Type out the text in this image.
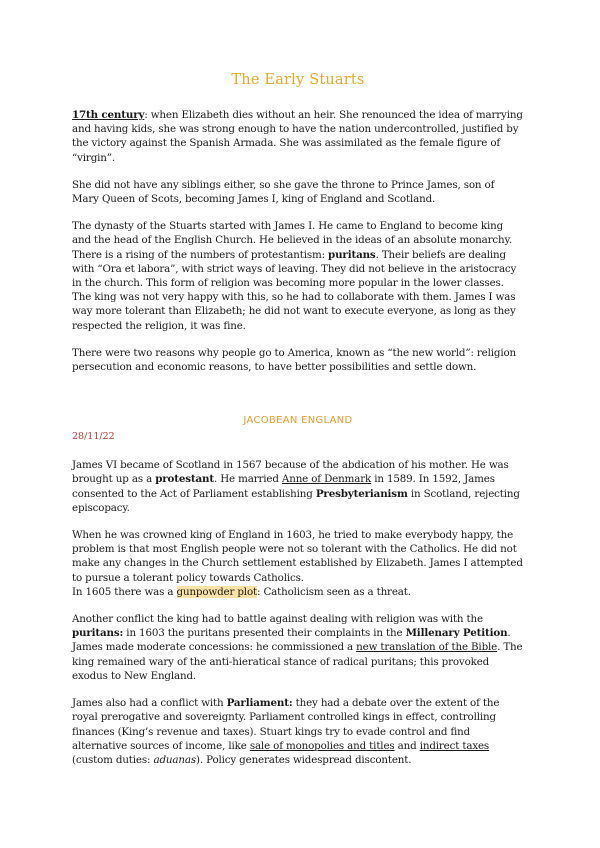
The Early Stuarts

17th century: when Elizabeth dies without an heir. She renounced the idea of marrying and having kids, she was strong enough to have the nation undercontrolled, justified by the victory against the Spanish Armada. She was assimilated as the female figure of “virgin”.

She did not have any siblings either, so she gave the throne to Prince James, son of Mary Queen of Scots, becoming James I, king of England and Scotland.

The dynasty of the Stuarts started with James I. He came to England to become king and the head of the English Church. He believed in the ideas of an absolute monarchy. There is a rising of the numbers of protestantism: puritans. Their beliefs are dealing with “Ora et labora”, with strict ways of leaving. They did not believe in the aristocracy in the church. This form of religion was becoming more popular in the lower classes. The king was not very happy with this, so he had to collaborate with them. James I was way more tolerant than Elizabeth; he did not want to execute everyone, as long as they respected the religion, it was fine.

There were two reasons why people go to America, known as “the new world”: religion persecution and economic reasons, to have better possibilities and settle down.

JACOBEAN ENGLAND
28/11/22

James VI became of Scotland in 1567 because of the abdication of his mother. He was brought up as a protestant. He married Anne of Denmark in 1589. In 1592, James consented to the Act of Parliament establishing Presbyterianism in Scotland, rejecting episcopacy.

When he was crowned king of England in 1603, he tried to make everybody happy, the problem is that most English people were not so tolerant with the Catholics. He did not make any changes in the Church settlement established by Elizabeth. James I attempted to pursue a tolerant policy towards Catholics.
In 1605 there was a gunpowder plot: Catholicism seen as a threat.

Another conflict the king had to battle against dealing with religion was with the puritans: in 1603 the puritans presented their complaints in the Millenary Petition.
James made moderate concessions: he commissioned a new translation of the Bible. The king remained wary of the anti-hieratical stance of radical puritans; this provoked exodus to New England.

James also had a conflict with Parliament: they had a debate over the extent of the royal prerogative and sovereignty. Parliament controlled kings in effect, controlling finances (King’s revenue and taxes). Stuart kings try to evade control and find alternative sources of income, like sale of monopolies and titles and indirect taxes (custom duties: aduanas). Policy generates widespread discontent.
